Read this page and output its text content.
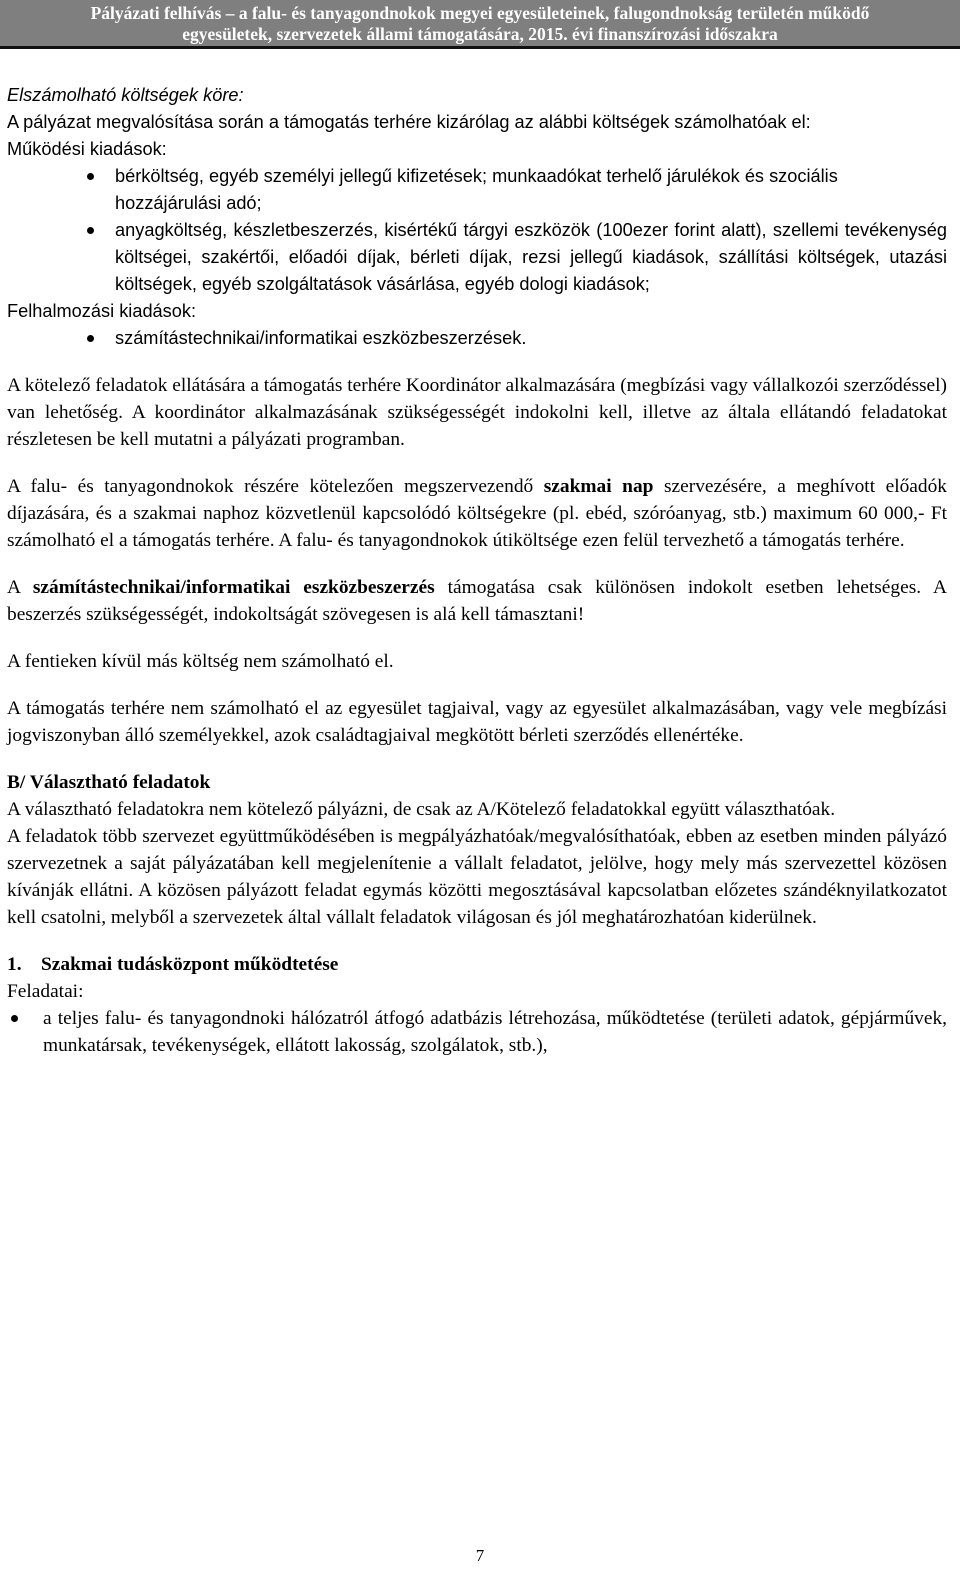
Pályázati felhívás – a falu- és tanyagondnokok megyei egyesületeinek, falugondnokság területén működő
egyesületek, szervezetek állami támogatására, 2015. évi finanszírozási időszakra

Elszámolható költségek köre:

A pályázat megvalósítása során a támogatás terhére kizárólag az alábbi költségek számolhatóak el:

Működési kiadások:

bérköltség, egyéb személyi jellegű kifizetések; munkaadókat terhelő járulékok és szociális hozzájárulási adó;
anyagköltség, készletbeszerzés, kisértékű tárgyi eszközök (100ezer forint alatt), szellemi tevékenység költségei, szakértői, előadói díjak, bérleti díjak, rezsi jellegű kiadások, szállítási költségek, utazási költségek, egyéb szolgáltatások vásárlása, egyéb dologi kiadások;

Felhalmozási kiadások:

számítástechnikai/informatikai eszközbeszerzések.

A kötelező feladatok ellátására a támogatás terhére Koordinátor alkalmazására (megbízási vagy vállalkozói szerződéssel) van lehetőség. A koordinátor alkalmazásának szükségességét indokolni kell, illetve az általa ellátandó feladatokat részletesen be kell mutatni a pályázati programban.

A falu- és tanyagondnokok részére kötelezően megszervezendő szakmai nap szervezésére, a meghívott előadók díjazására, és a szakmai naphoz közvetlenül kapcsolódó költségekre (pl. ebéd, szóróanyag, stb.) maximum 60 000,- Ft számolható el a támogatás terhére. A falu- és tanyagondnokok útiköltsége ezen felül tervezhető a támogatás terhére.

A számítástechnikai/informatikai eszközbeszerzés támogatása csak különösen indokolt esetben lehetséges. A beszerzés szükségességét, indokoltságát szövegesen is alá kell támasztani!

A fentieken kívül más költség nem számolható el.

A támogatás terhére nem számolható el az egyesület tagjaival, vagy az egyesület alkalmazásában, vagy vele megbízási jogviszonyban álló személyekkel, azok családtagjaival megkötött bérleti szerződés ellenértéke.

B/ Választható feladatok

A választható feladatokra nem kötelező pályázni, de csak az A/Kötelező feladatokkal együtt választhatóak.

A feladatok több szervezet együttműködésében is megpályázhatóak/megvalósíthatóak, ebben az esetben minden pályázó szervezetnek a saját pályázatában kell megjelenítenie a vállalt feladatot, jelölve, hogy mely más szervezettel közösen kívánják ellátni. A közösen pályázott feladat egymás közötti megosztásával kapcsolatban előzetes szándéknyilatkozatot kell csatolni, melyből a szervezetek által vállalt feladatok világosan és jól meghatározhatóan kiderülnek.

1. Szakmai tudásközpont működtetése

Feladatai:

a teljes falu- és tanyagondnoki hálózatról átfogó adatbázis létrehozása, működtetése (területi adatok, gépjárművek, munkatársak, tevékenységek, ellátott lakosság, szolgálatok, stb.),
7
